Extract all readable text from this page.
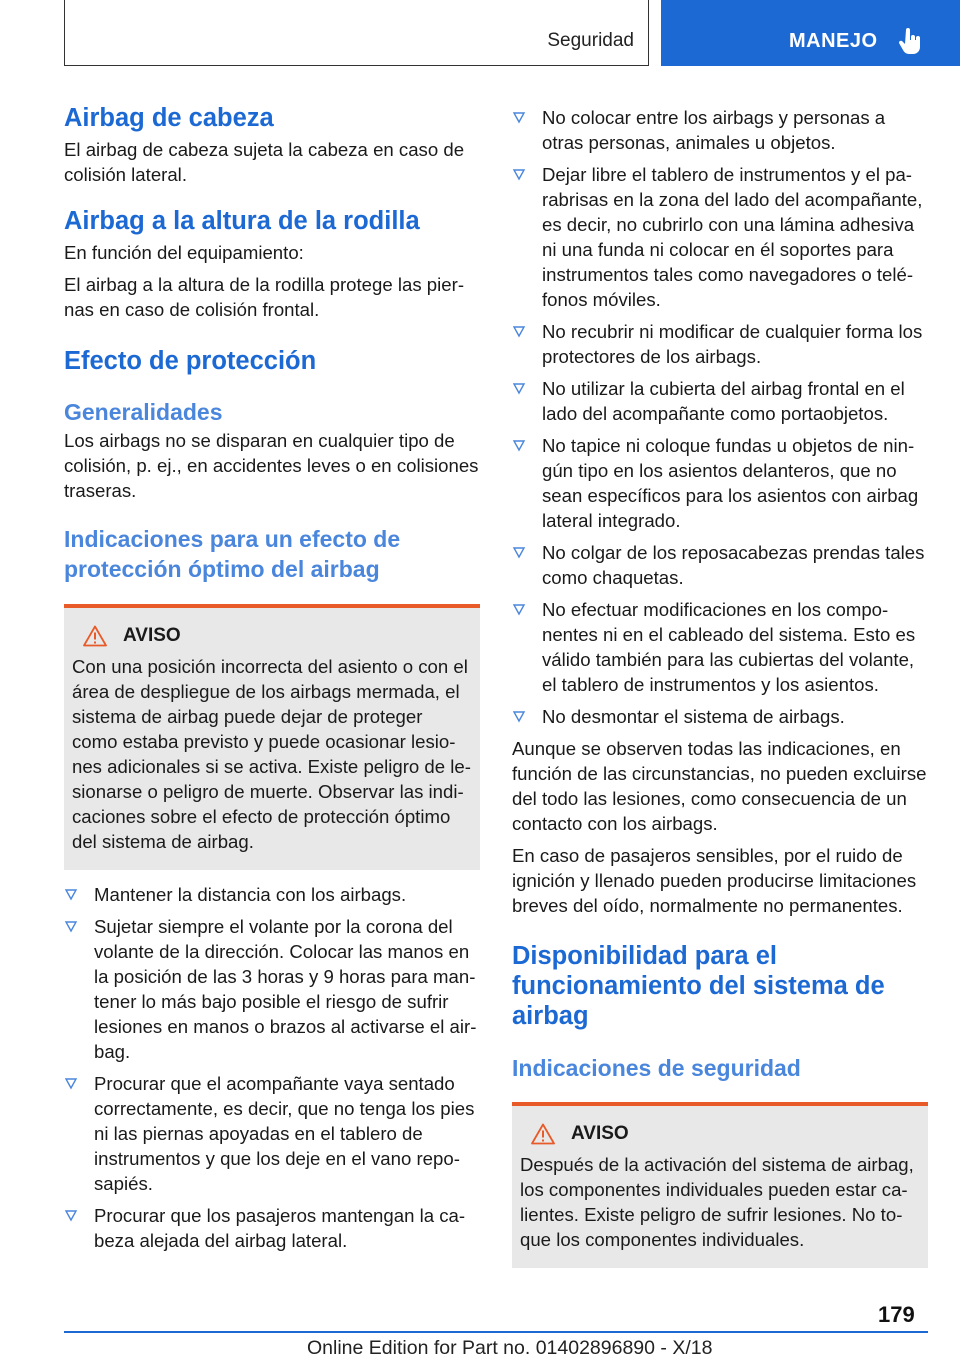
Seguridad	MANEJO
Airbag de cabeza
El airbag de cabeza sujeta la cabeza en caso de colisión lateral.
Airbag a la altura de la rodilla
En función del equipamiento:
El airbag a la altura de la rodilla protege las piernas en caso de colisión frontal.
Efecto de protección
Generalidades
Los airbags no se disparan en cualquier tipo de colisión, p. ej., en accidentes leves o en colisiones traseras.
Indicaciones para un efecto de protección óptimo del airbag
AVISO
Con una posición incorrecta del asiento o con el área de despliegue de los airbags mermada, el sistema de airbag puede dejar de proteger como estaba previsto y puede ocasionar lesiones adicionales si se activa. Existe peligro de lesionarse o peligro de muerte. Observar las indicaciones sobre el efecto de protección óptimo del sistema de airbag.
Mantener la distancia con los airbags.
Sujetar siempre el volante por la corona del volante de la dirección. Colocar las manos en la posición de las 3 horas y 9 horas para mantener lo más bajo posible el riesgo de sufrir lesiones en manos o brazos al activarse el airbag.
Procurar que el acompañante vaya sentado correctamente, es decir, que no tenga los pies ni las piernas apoyadas en el tablero de instrumentos y que los deje en el vano reposapiés.
Procurar que los pasajeros mantengan la cabeza alejada del airbag lateral.
No colocar entre los airbags y personas a otras personas, animales u objetos.
Dejar libre el tablero de instrumentos y el parabrisas en la zona del lado del acompañante, es decir, no cubrirlo con una lámina adhesiva ni una funda ni colocar en él soportes para instrumentos tales como navegadores o teléfonos móviles.
No recubrir ni modificar de cualquier forma los protectores de los airbags.
No utilizar la cubierta del airbag frontal en el lado del acompañante como portaobjetos.
No tapice ni coloque fundas u objetos de ningún tipo en los asientos delanteros, que no sean específicos para los asientos con airbag lateral integrado.
No colgar de los reposacabezas prendas tales como chaquetas.
No efectuar modificaciones en los componentes ni en el cableado del sistema. Esto es válido también para las cubiertas del volante, el tablero de instrumentos y los asientos.
No desmontar el sistema de airbags.
Aunque se observen todas las indicaciones, en función de las circunstancias, no pueden excluirse del todo las lesiones, como consecuencia de un contacto con los airbags.
En caso de pasajeros sensibles, por el ruido de ignición y llenado pueden producirse limitaciones breves del oído, normalmente no permanentes.
Disponibilidad para el funcionamiento del sistema de airbag
Indicaciones de seguridad
AVISO
Después de la activación del sistema de airbag, los componentes individuales pueden estar calientes. Existe peligro de sufrir lesiones. No toque los componentes individuales.
179
Online Edition for Part no. 01402896890 - X/18
